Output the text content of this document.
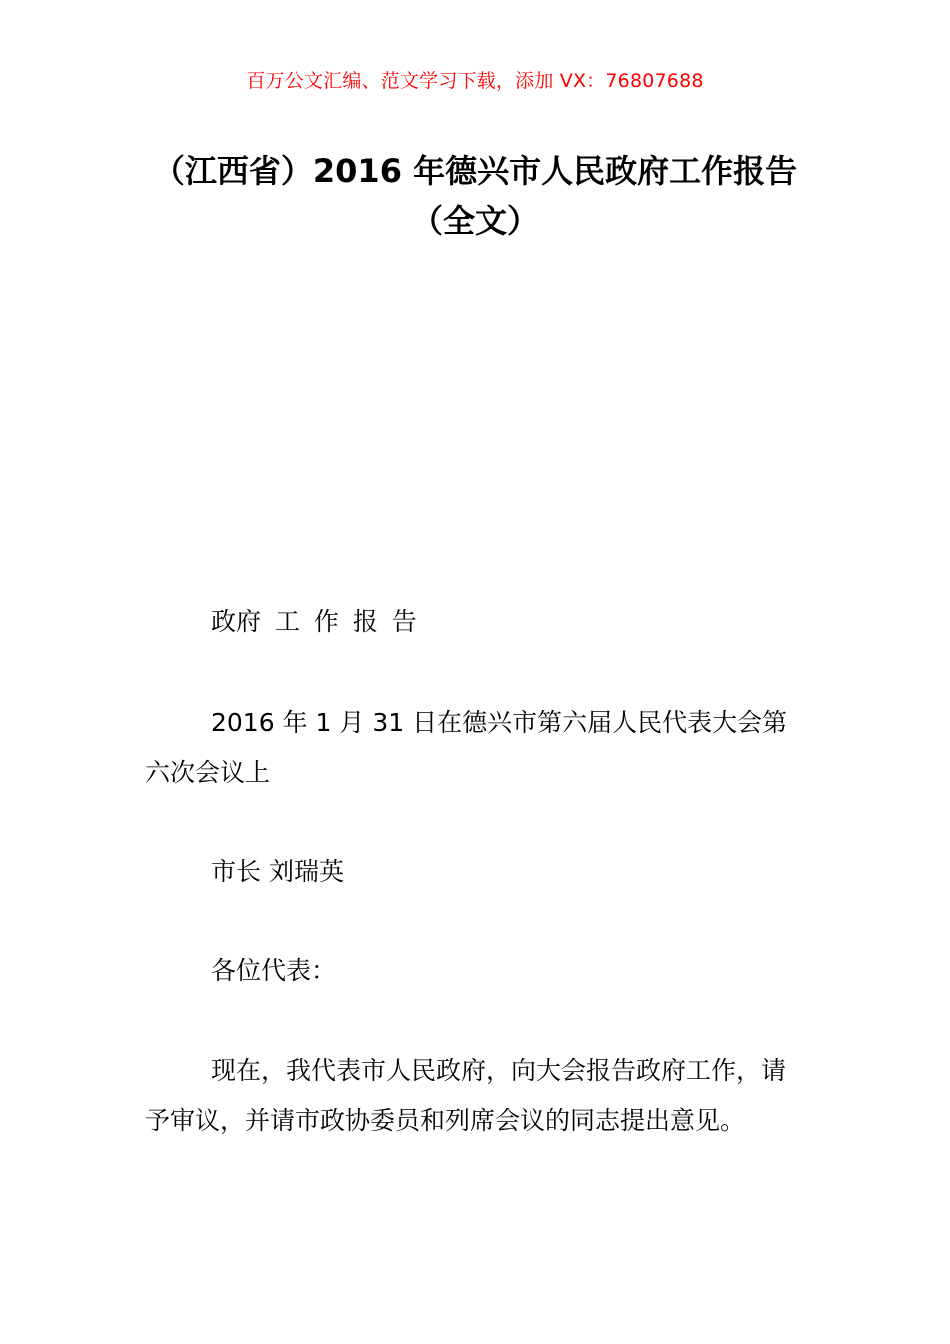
百万公文汇编、范文学习下载，添加 VX：76807688
（江西省）2016 年德兴市人民政府工作报告（全文）

政府 工 作 报 告

2016 年 1 月 31 日在德兴市第六届人民代表大会第六次会议上

市长 刘瑞英

各位代表：

现在，我代表市人民政府，向大会报告政府工作，请予审议，并请市政协委员和列席会议的同志提出意见。
